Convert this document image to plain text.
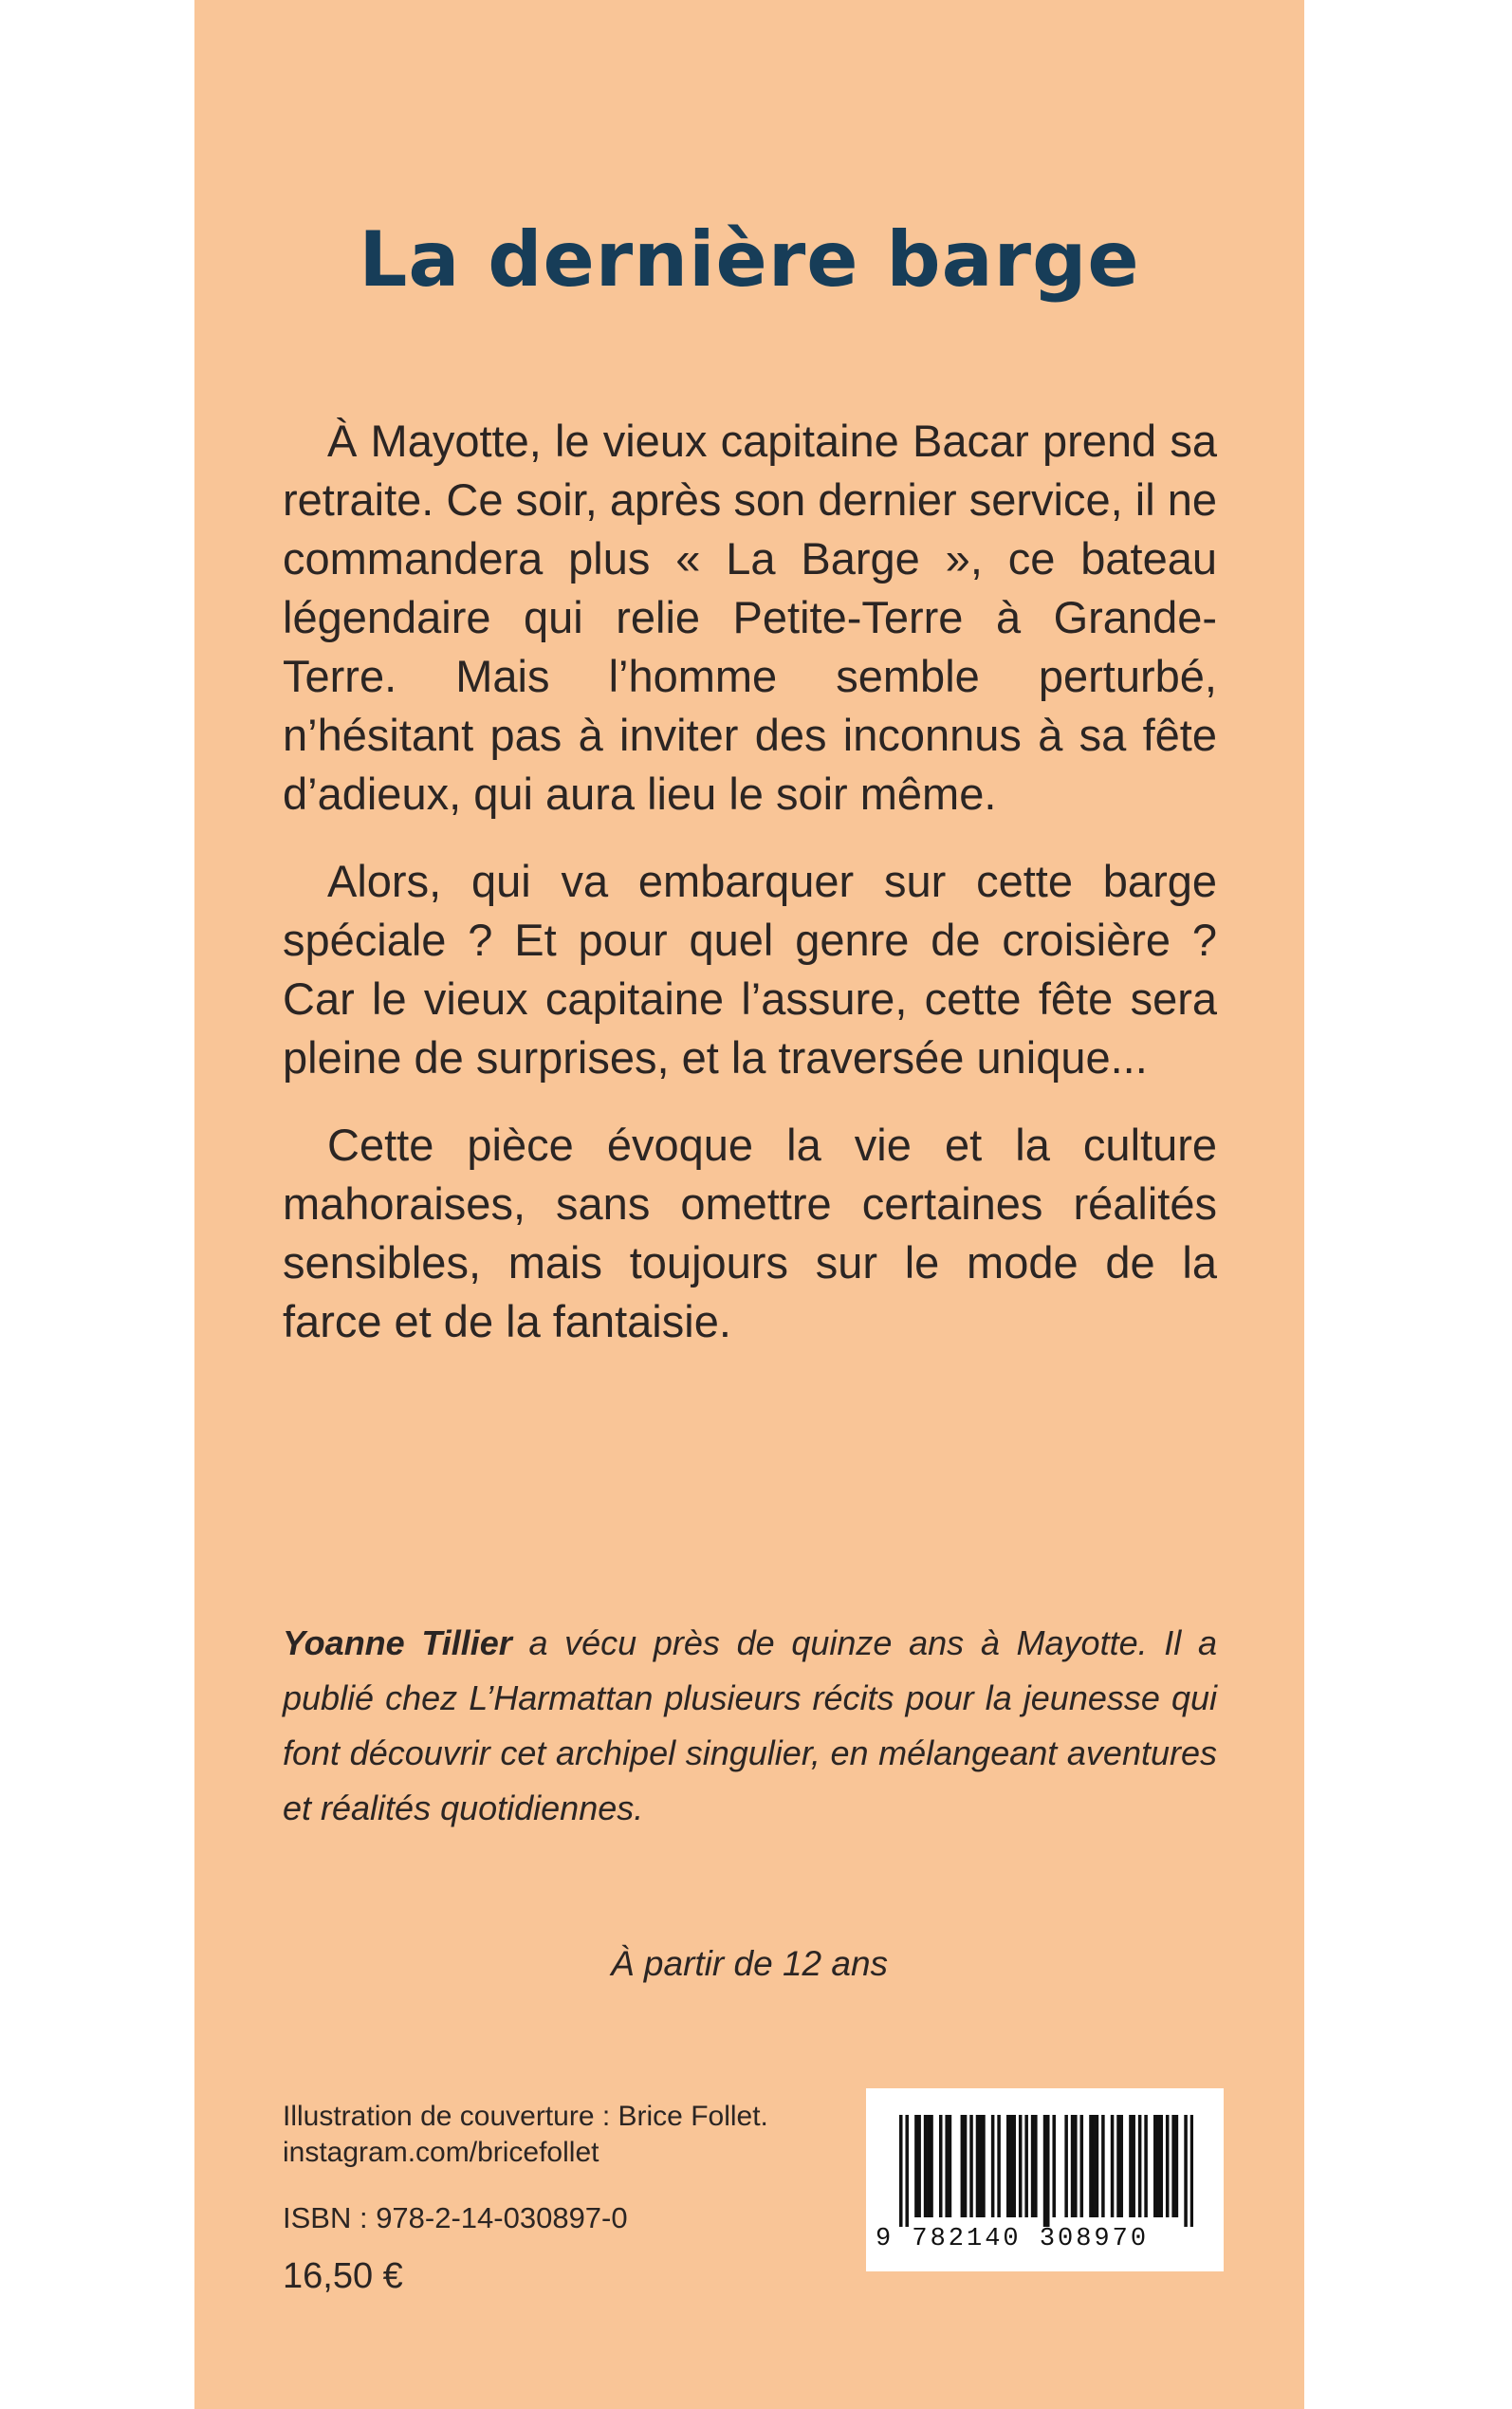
La dernière barge

À Mayotte, le vieux capitaine Bacar prend sa retraite. Ce soir, après son dernier service, il ne commandera plus « La Barge », ce bateau légendaire qui relie Petite-Terre à Grande-Terre. Mais l’homme semble perturbé, n’hésitant pas à inviter des inconnus à sa fête d’adieux, qui aura lieu le soir même.

Alors, qui va embarquer sur cette barge spéciale ? Et pour quel genre de croisière ? Car le vieux capitaine l’assure, cette fête sera pleine de surprises, et la traversée unique...

Cette pièce évoque la vie et la culture mahoraises, sans omettre certaines réalités sensibles, mais toujours sur le mode de la farce et de la fantaisie.

Yoanne Tillier a vécu près de quinze ans à Mayotte. Il a publié chez L’Harmattan plusieurs récits pour la jeunesse qui font découvrir cet archipel singulier, en mélangeant aventures et réalités quotidiennes.

À partir de 12 ans

Illustration de couverture : Brice Follet.
instagram.com/bricefollet
ISBN : 978-2-14-030897-0
16,50 €
9 782140 308970
